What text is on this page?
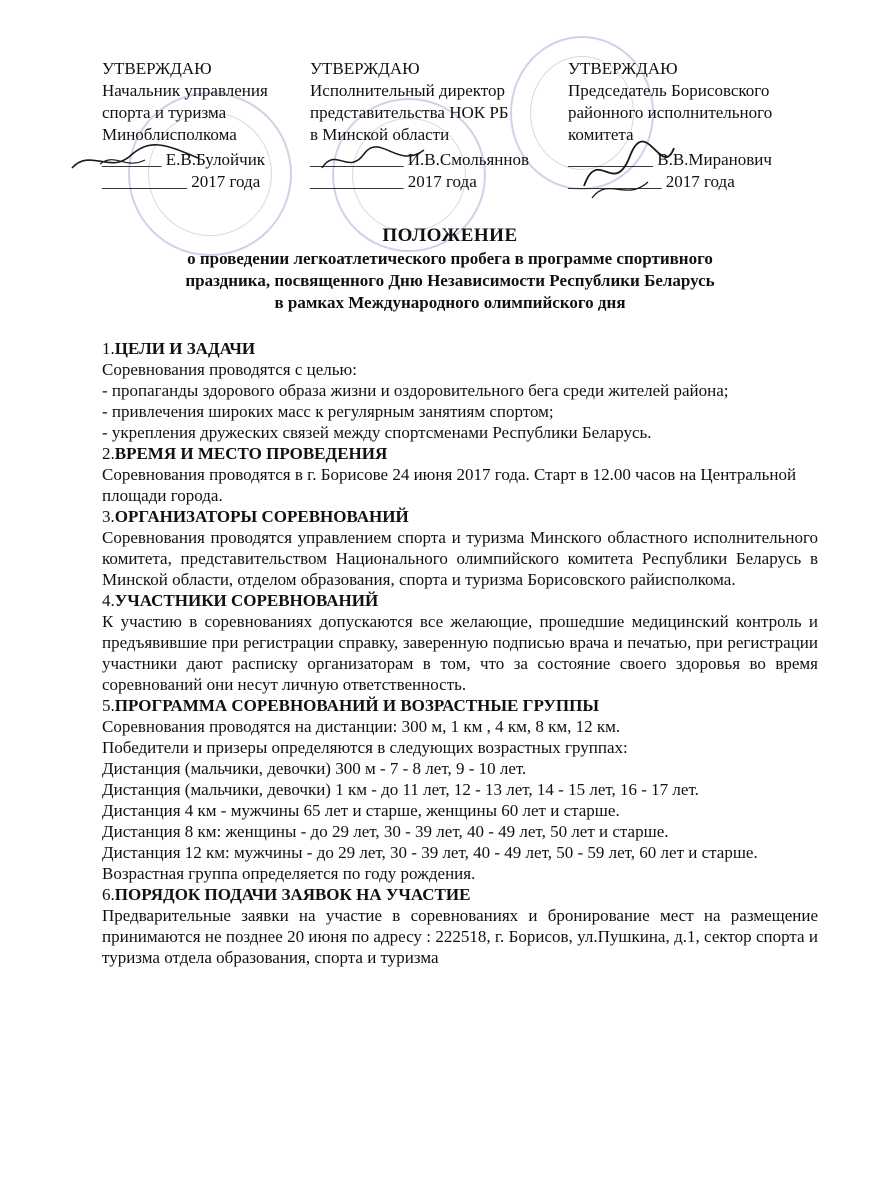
УТВЕРЖДАЮ
Начальник управления
спорта и туризма
Миноблисполкома
_______ Е.В.Булойчик
__________ 2017 года
УТВЕРЖДАЮ
Исполнительный директор
представительства НОК РБ
в Минской области
___________ И.В.Смольяннов
___________ 2017 года
УТВЕРЖДАЮ
Председатель Борисовского
районного исполнительного
комитета
__________ В.В.Миранович
___________ 2017 года
ПОЛОЖЕНИЕ
о проведении легкоатлетического пробега в программе спортивного
праздника, посвященного Дню Независимости Республики Беларусь
в рамках Международного олимпийского дня
1.ЦЕЛИ И ЗАДАЧИ

Соревнования проводятся с целью:

- пропаганды здорового образа жизни и оздоровительного бега среди жителей района;

- привлечения широких масс к регулярным занятиям спортом;

- укрепления дружеских связей между спортсменами Республики Беларусь.

2.ВРЕМЯ И МЕСТО ПРОВЕДЕНИЯ

Соревнования проводятся в г. Борисове 24 июня 2017 года. Старт в 12.00 часов на Центральной площади города.

3.ОРГАНИЗАТОРЫ СОРЕВНОВАНИЙ

Соревнования проводятся управлением спорта и туризма Минского областного исполнительного комитета, представительством Национального олимпийского комитета Республики Беларусь в Минской области, отделом образования, спорта и туризма Борисовского райисполкома.

4.УЧАСТНИКИ СОРЕВНОВАНИЙ

К участию в соревнованиях допускаются все желающие, прошедшие медицинский контроль и предъявившие при регистрации справку, заверенную подписью врача и печатью, при регистрации участники дают расписку организаторам в том, что за состояние своего здоровья во время соревнований они несут личную ответственность.

5.ПРОГРАММА СОРЕВНОВАНИЙ И ВОЗРАСТНЫЕ ГРУППЫ

Соревнования проводятся на дистанции: 300 м, 1 км , 4 км, 8 км, 12 км.

Победители и призеры определяются в следующих возрастных группах:

Дистанция (мальчики, девочки) 300 м - 7 - 8 лет, 9 - 10 лет.

Дистанция (мальчики, девочки) 1 км - до 11 лет, 12 - 13 лет, 14 - 15 лет, 16 - 17 лет.

Дистанция 4 км - мужчины 65 лет и старше, женщины 60 лет и старше.

Дистанция 8 км: женщины - до 29 лет, 30 - 39 лет, 40 - 49 лет, 50 лет и старше.

Дистанция 12 км: мужчины - до 29 лет, 30 - 39 лет, 40 - 49 лет, 50 - 59 лет, 60 лет и старше.

Возрастная группа определяется по году рождения.

6.ПОРЯДОК ПОДАЧИ ЗАЯВОК НА УЧАСТИЕ

Предварительные заявки на участие в соревнованиях и бронирование мест на размещение принимаются не позднее 20 июня по адресу : 222518, г. Борисов, ул.Пушкина, д.1, сектор спорта и туризма отдела образования, спорта и туризма
